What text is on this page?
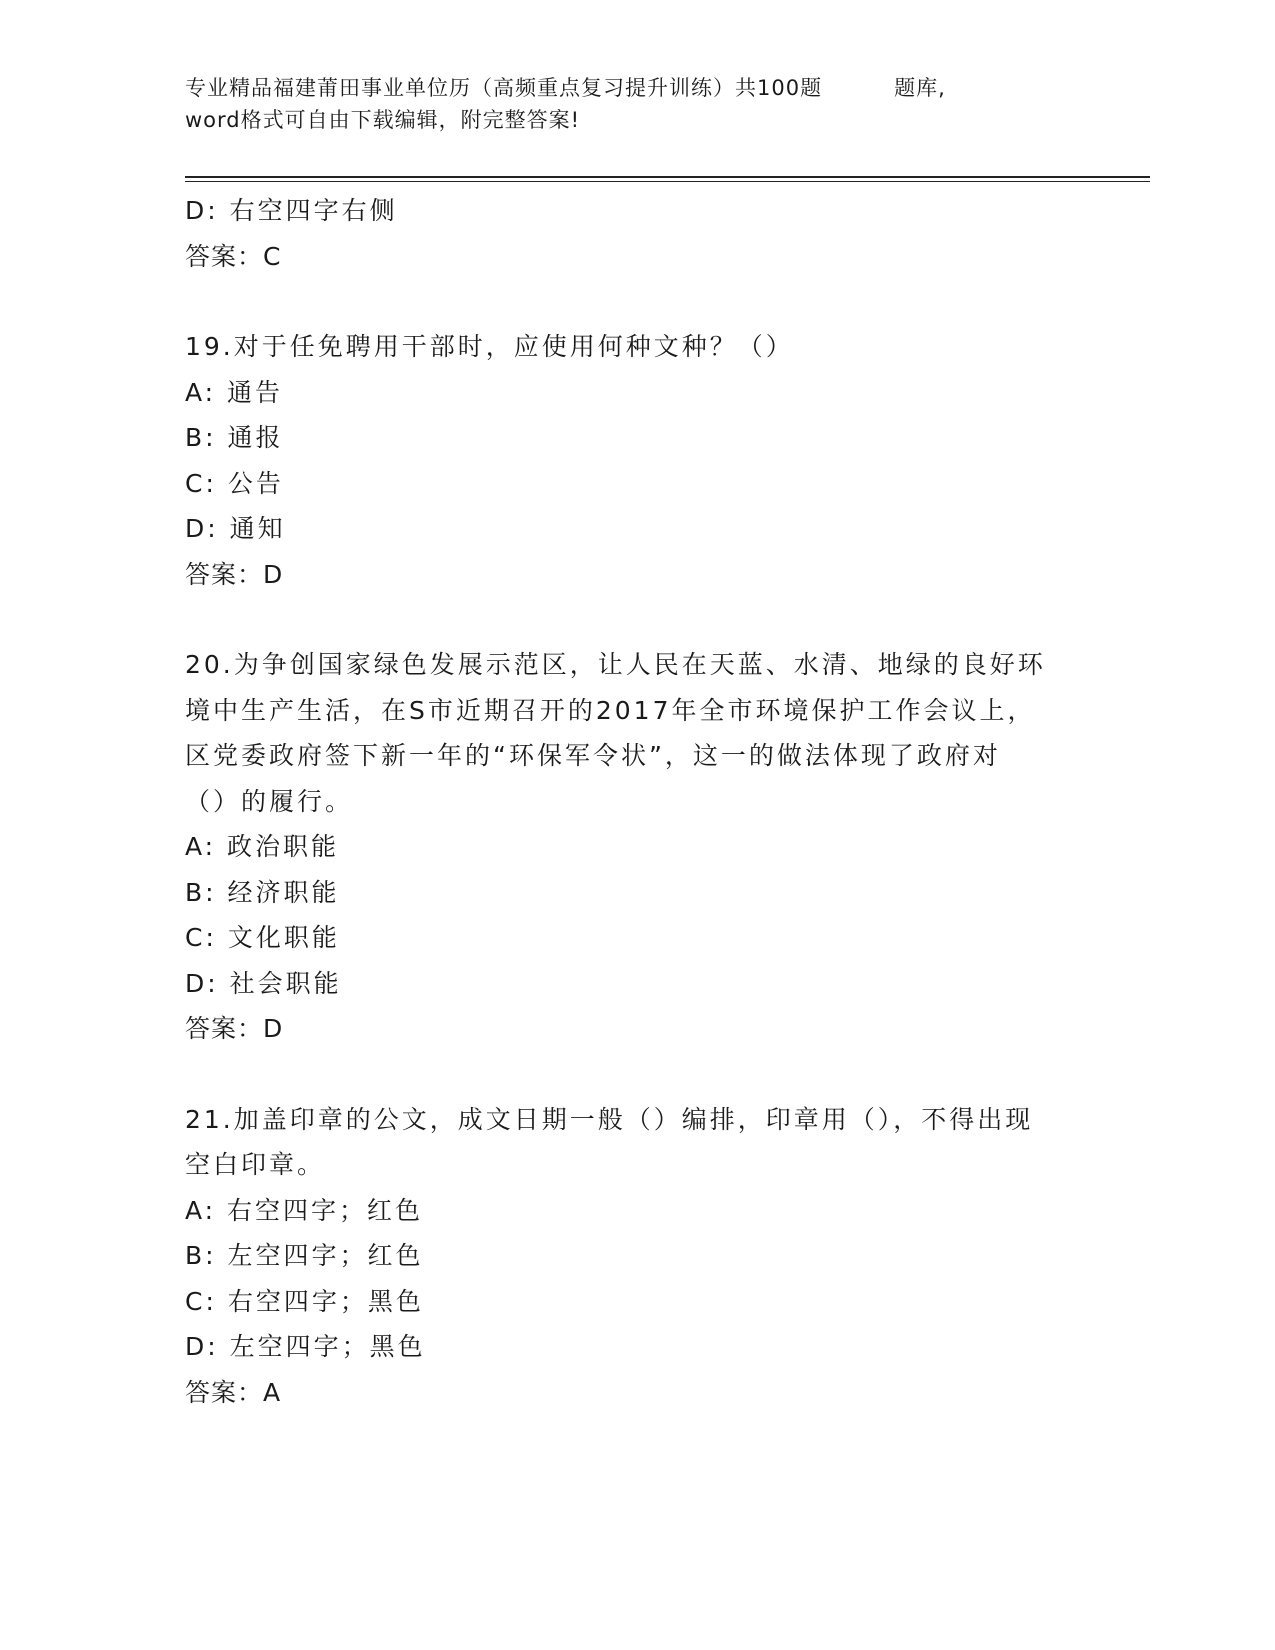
专业精品福建莆田事业单位历（高频重点复习提升训练）共100题	题库,
word格式可自由下载编辑，附完整答案!
D: 右空四字右侧
答案：C
19.对于任免聘用干部时，应使用何种文种？（）
A: 通告
B: 通报
C: 公告
D: 通知
答案：D
20.为争创国家绿色发展示范区，让人民在天蓝、水清、地绿的良好环
境中生产生活，在S市近期召开的2017年全市环境保护工作会议上，
区党委政府签下新一年的“环保军令状”，这一的做法体现了政府对
（）的履行。
A: 政治职能
B: 经济职能
C: 文化职能
D: 社会职能
答案：D
21.加盖印章的公文，成文日期一般（）编排，印章用（），不得出现
空白印章。
A: 右空四字；红色
B: 左空四字；红色
C: 右空四字；黑色
D: 左空四字；黑色
答案：A
